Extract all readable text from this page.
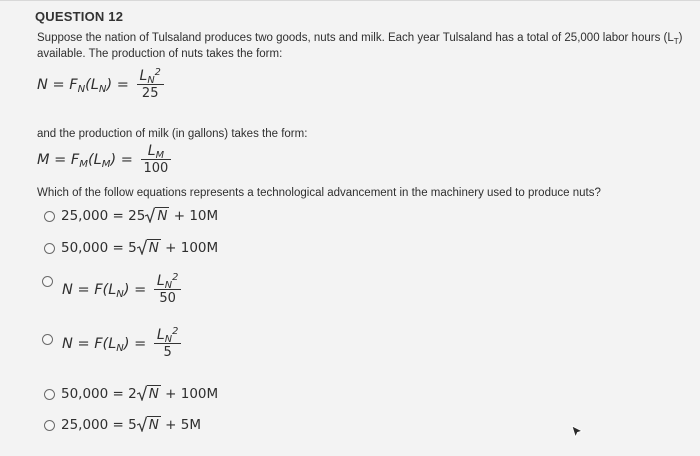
QUESTION 12
Suppose the nation of Tulsaland produces two goods, nuts and milk. Each year Tulsaland has a total of 25,000 labor hours $(L_T)$
available. The production of nuts takes the form:
$N = F_N(L_N) = \frac{L_N^2}{25}$
and the production of milk (in gallons) takes the form:
$M = F_M(L_M) = \frac{L_M}{100}$
Which of the follow equations represents a technological advancement in the machinery used to produce nuts?
25,000 = 25 N + 10M
50,000 = 5 N + 100M
$N = F(L_N) = \frac{L_N^2}{50}$
$N = F(L_N) = \frac{L_N^2}{5}$
50,000 = 2 N + 100M
25,000 = 5 N + 5M
